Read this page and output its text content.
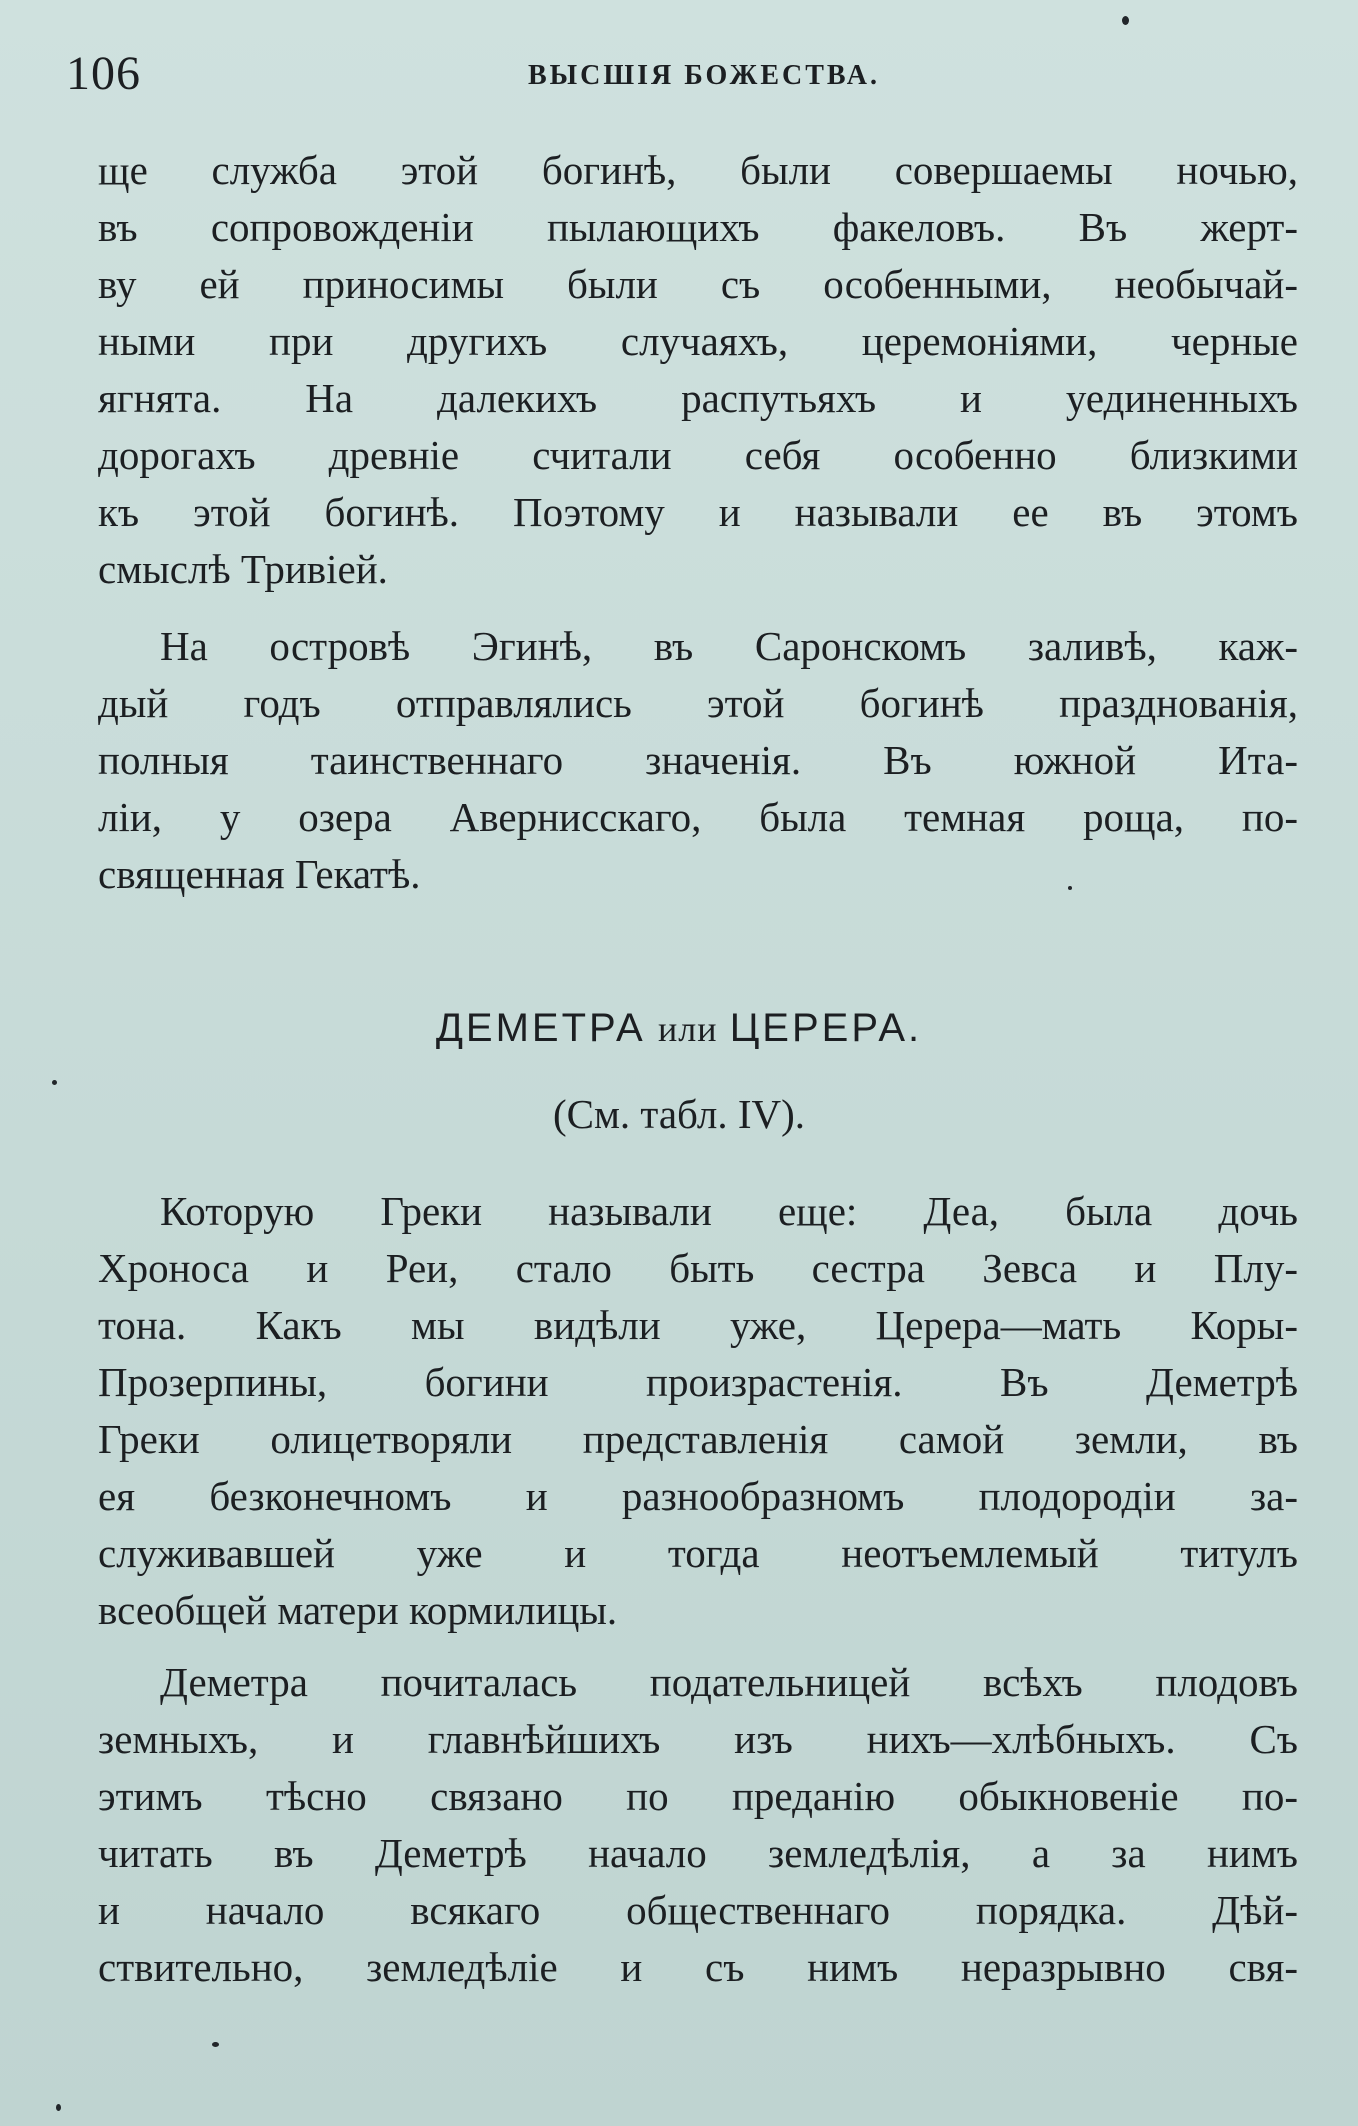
106	ВЫСШІЯ БОЖЕСТВА.
ще служба этой богинѣ, были совершаемы ночью,
въ сопровожденіи пылающихъ факеловъ. Въ жерт-
ву ей приносимы были съ особенными, необычай-
ными при другихъ случаяхъ, церемоніями, черные
ягнята. На далекихъ распутьяхъ и уединенныхъ
дорогахъ древніе считали себя особенно близкими
къ этой богинѣ. Поэтому и называли ее въ этомъ
смыслѣ Тривіей.
На островѣ Эгинѣ, въ Саронскомъ заливѣ, каж-
дый годъ отправлялись этой богинѣ празднованія,
полныя таинственнаго значенія. Въ южной Ита-
ліи, у озера Авернисскаго, была темная роща, по-
священная Гекатѣ.
ДЕМЕТРА или ЦЕРЕРА.
(См. табл. IV).
Которую Греки называли еще: Деа, была дочь
Хроноса и Реи, стало быть сестра Зевса и Плу-
тона. Какъ мы видѣли уже, Церера—мать Коры-
Прозерпины, богини произрастенія. Въ Деметрѣ
Греки олицетворяли представленія самой земли, въ
ея безконечномъ и разнообразномъ плодородіи за-
служивавшей уже и тогда неотъемлемый титулъ
всеобщей матери кормилицы.
Деметра почиталась подательницей всѣхъ плодовъ
земныхъ, и главнѣйшихъ изъ нихъ—хлѣбныхъ. Съ
этимъ тѣсно связано по преданію обыкновеніе по-
читать въ Деметрѣ начало земледѣлія, а за нимъ
и начало всякаго общественнаго порядка. Дѣй-
ствительно, земледѣліе и съ нимъ неразрывно свя-
